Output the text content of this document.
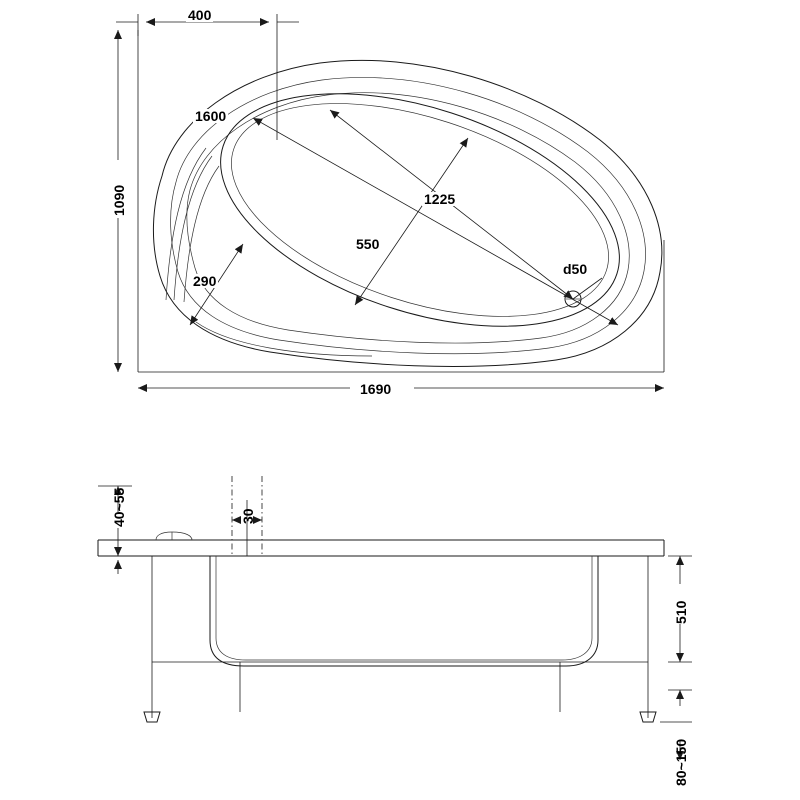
400
1600
1225
550
290
d50
1090
1690
40~55	30
510
80~150
